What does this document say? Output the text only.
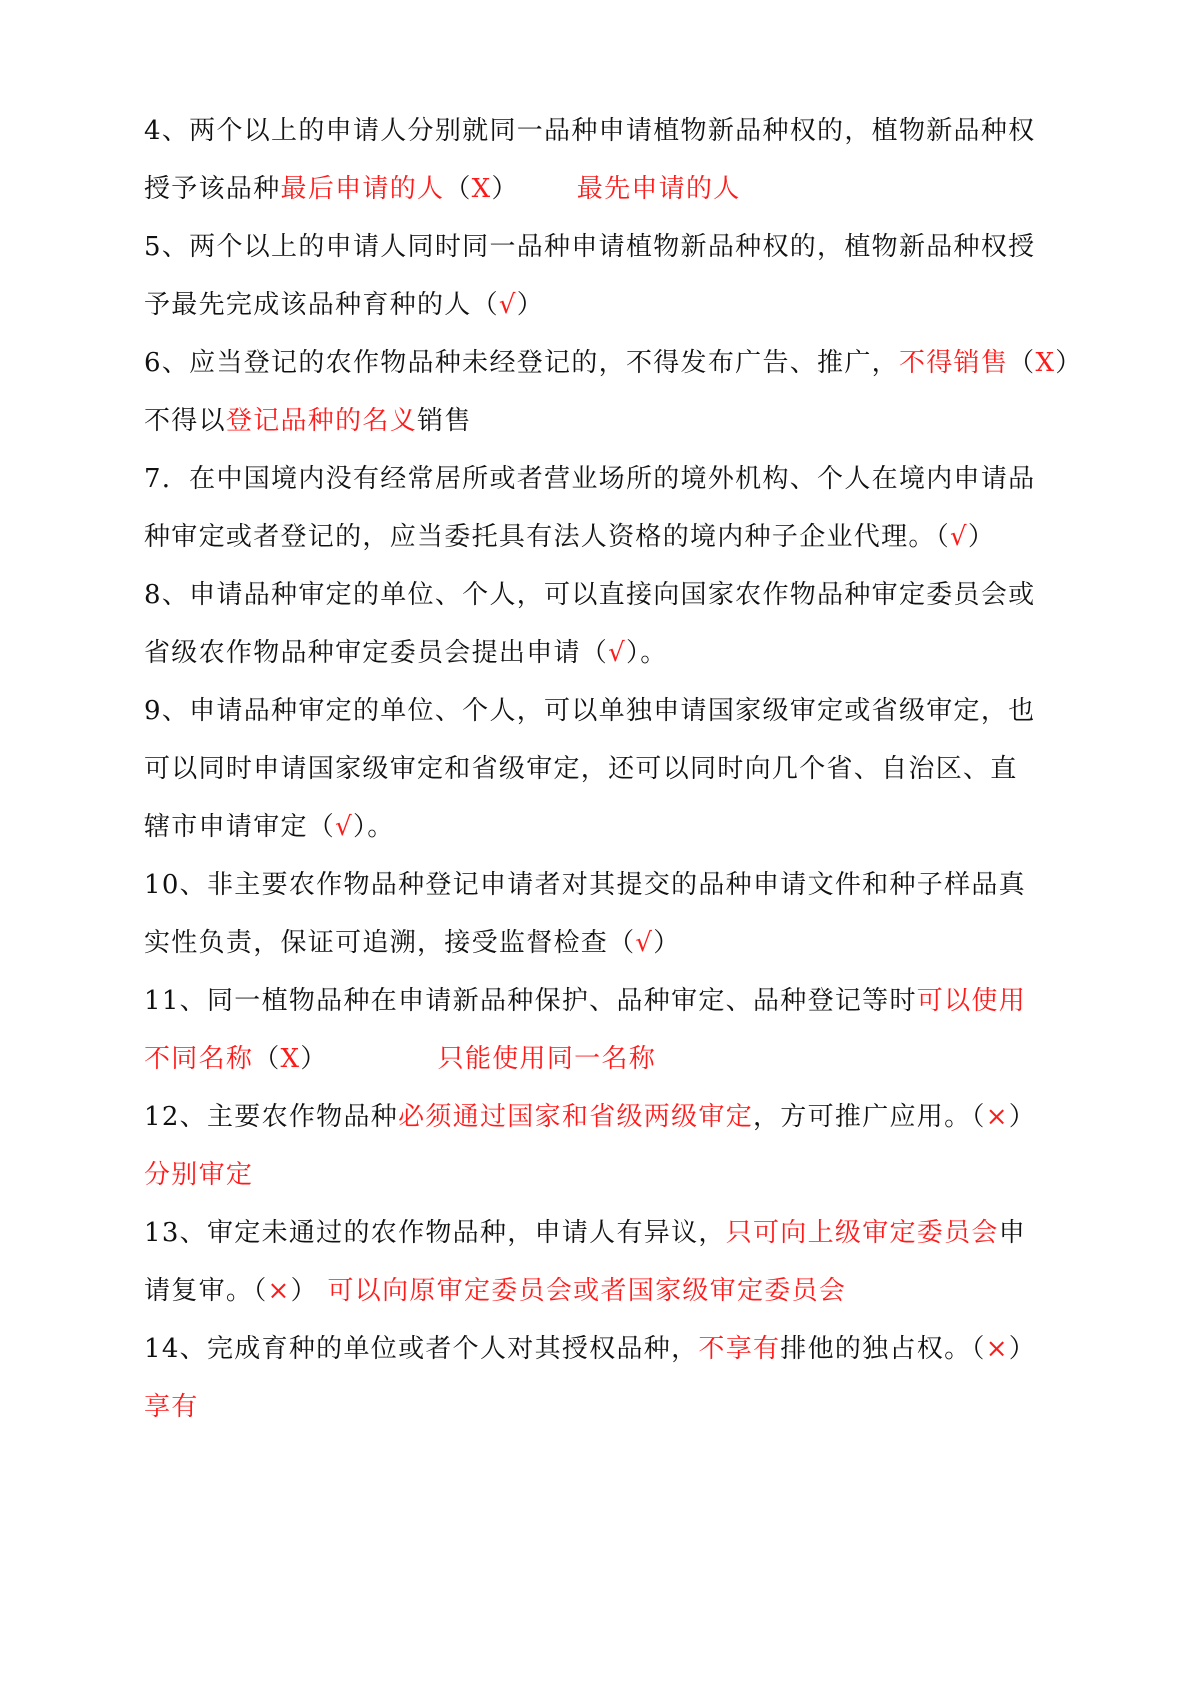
4、两个以上的申请人分别就同一品种申请植物新品种权的，植物新品种权
授予该品种最后申请的人（X） 最先申请的人
5、两个以上的申请人同时同一品种申请植物新品种权的，植物新品种权授
予最先完成该品种育种的人（√）
6、应当登记的农作物品种未经登记的，不得发布广告、推广，不得销售（X）
不得以登记品种的名义销售
7．在中国境内没有经常居所或者营业场所的境外机构、个人在境内申请品
种审定或者登记的，应当委托具有法人资格的境内种子企业代理。（√）
8、申请品种审定的单位、个人，可以直接向国家农作物品种审定委员会或
省级农作物品种审定委员会提出申请（√）。
9、申请品种审定的单位、个人，可以单独申请国家级审定或省级审定，也
可以同时申请国家级审定和省级审定，还可以同时向几个省、自治区、直
辖市申请审定（√）。
10、非主要农作物品种登记申请者对其提交的品种申请文件和种子样品真
实性负责，保证可追溯，接受监督检查（√）
11、同一植物品种在申请新品种保护、品种审定、品种登记等时可以使用
不同名称（X）	只能使用同一名称
12、主要农作物品种必须通过国家和省级两级审定，方可推广应用。（×）
分别审定
13、审定未通过的农作物品种，申请人有异议，只可向上级审定委员会申
请复审。（×） 可以向原审定委员会或者国家级审定委员会
14、完成育种的单位或者个人对其授权品种，不享有排他的独占权。（×）
享有
